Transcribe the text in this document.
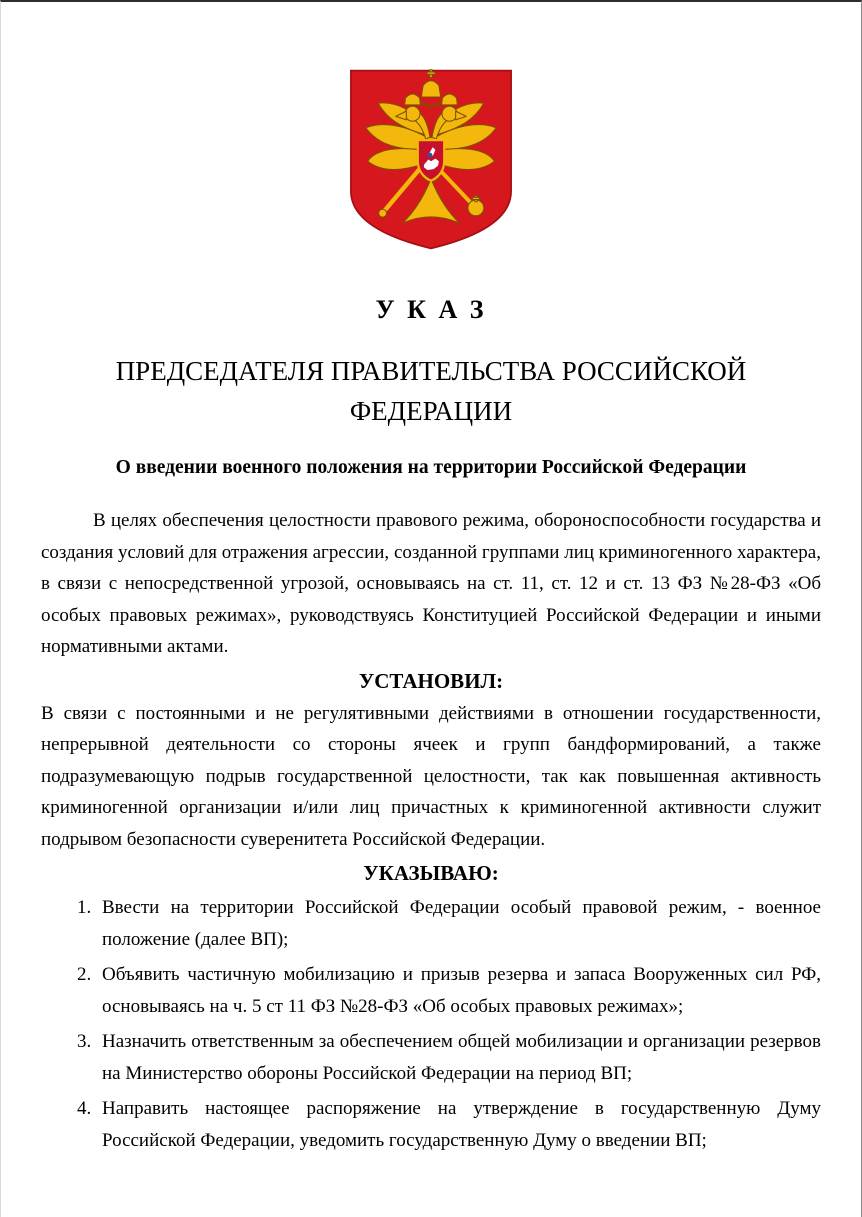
У К А З
ПРЕДСЕДАТЕЛЯ ПРАВИТЕЛЬСТВА РОССИЙСКОЙ ФЕДЕРАЦИИ
О введении военного положения на территории Российской Федерации

В целях обеспечения целостности правового режима, обороноспособности государства и создания условий для отражения агрессии, созданной группами лиц криминогенного характера, в связи с непосредственной угрозой, основываясь на ст. 11, ст. 12 и ст. 13 ФЗ №28-ФЗ «Об особых правовых режимах», руководствуясь Конституцией Российской Федерации и иными нормативными актами.

УСТАНОВИЛ:

В связи с постоянными и не регулятивными действиями в отношении государственности, непрерывной деятельности со стороны ячеек и групп бандформирований, а также подразумевающую подрыв государственной целостности, так как повышенная активность криминогенной организации и/или лиц причастных к криминогенной активности служит подрывом безопасности суверенитета Российской Федерации.

УКАЗЫВАЮ:
1. Ввести на территории Российской Федерации особый правовой режим, - военное положение (далее ВП);
2. Объявить частичную мобилизацию и призыв резерва и запаса Вооруженных сил РФ, основываясь на ч. 5 ст 11 ФЗ №28-ФЗ «Об особых правовых режимах»;
3. Назначить ответственным за обеспечением общей мобилизации и организации резервов на Министерство обороны Российской Федерации на период ВП;
4. Направить настоящее распоряжение на утверждение в государственную Думу Российской Федерации, уведомить государственную Думу о введении ВП;
